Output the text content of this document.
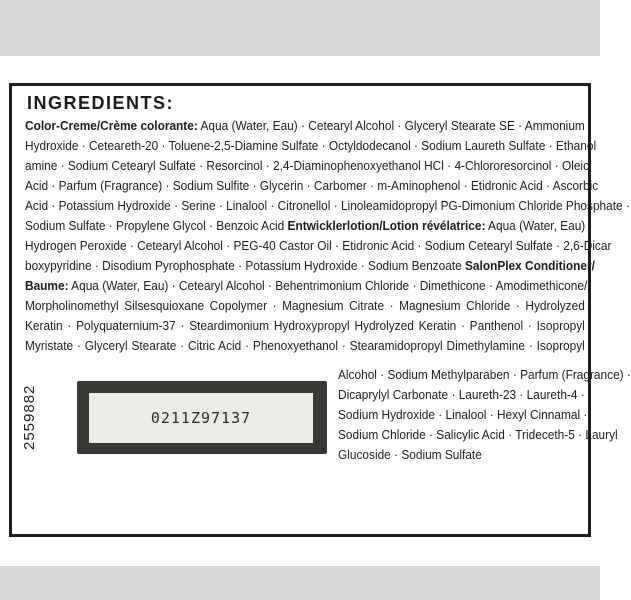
INGREDIENTS:
Color-Creme/Crème colorante: Aqua (Water, Eau) · Cetearyl Alcohol · Glyceryl Stearate SE · Ammonium
Hydroxide · Ceteareth-20 · Toluene-2,5-Diamine Sulfate · Octyldodecanol · Sodium Laureth Sulfate · Ethanol
amine · Sodium Cetearyl Sulfate · Resorcinol · 2,4-Diaminophenoxyethanol HCl · 4-Chlororesorcinol · Oleic
Acid · Parfum (Fragrance) · Sodium Sulfite · Glycerin · Carbomer · m-Aminophenol · Etidronic Acid · Ascorbic
Acid · Potassium Hydroxide · Serine · Linalool · Citronellol · Linoleamidopropyl PG-Dimonium Chloride Phosphate ·
Sodium Sulfate · Propylene Glycol · Benzoic Acid Entwicklerlotion/Lotion révélatrice: Aqua (Water, Eau) ·
Hydrogen Peroxide · Cetearyl Alcohol · PEG-40 Castor Oil · Etidronic Acid · Sodium Cetearyl Sulfate · 2,6-Dicar
boxypyridine · Disodium Pyrophosphate · Potassium Hydroxide · Sodium Benzoate SalonPlex Conditioner/
Baume: Aqua (Water, Eau) · Cetearyl Alcohol · Behentrimonium Chloride · Dimethicone · Amodimethicone/
Morpholinomethyl Silsesquioxane Copolymer · Magnesium Citrate · Magnesium Chloride · Hydrolyzed
Keratin · Polyquaternium-37 · Steardimonium Hydroxypropyl Hydrolyzed Keratin · Panthenol · Isopropyl
Myristate · Glyceryl Stearate · Citric Acid · Phenoxyethanol · Stearamidopropyl Dimethylamine · Isopropyl
Alcohol · Sodium Methylparaben · Parfum (Fragrance) ·
Dicaprylyl Carbonate · Laureth-23 · Laureth-4 ·
Sodium Hydroxide · Linalool · Hexyl Cinnamal ·
Sodium Chloride · Salicylic Acid · Trideceth-5 · Lauryl
Glucoside · Sodium Sulfate
0211Z97137
2559882
